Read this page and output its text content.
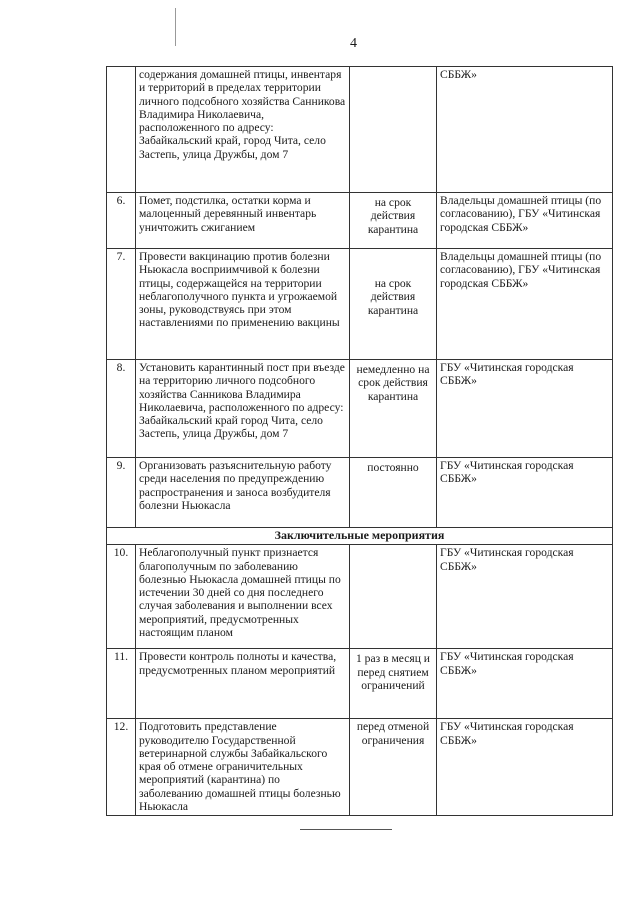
4
	содержания домашней птицы, инвентаря и территорий в пределах территории личного подсобного хозяйства Санникова Владимира Николаевича, расположенного по адресу: Забайкальский край, город Чита, село Застепь, улица Дружбы, дом 7		СББЖ»
6.	Помет, подстилка, остатки корма и малоценный деревянный инвентарь уничтожить сжиганием	на срок действия карантина	Владельцы домашней птицы (по согласованию), ГБУ «Читинская городская СББЖ»
7.	Провести вакцинацию против болезни Ньюкасла восприимчивой к болезни птицы, содержащейся на территории неблагополучного пункта и угрожаемой зоны, руководствуясь при этом наставлениями по применению вакцины	на срок действия карантина	Владельцы домашней птицы (по согласованию), ГБУ «Читинская городская СББЖ»
8.	Установить карантинный пост при въезде на территорию личного подсобного хозяйства Санникова Владимира Николаевича, расположенного по адресу: Забайкальский край город Чита, село Застепь, улица Дружбы, дом 7	немедленно на срок действия карантина	ГБУ «Читинская городская СББЖ»
9.	Организовать разъяснительную работу среди населения по предупреждению распространения и заноса возбудителя болезни Ньюкасла	постоянно	ГБУ «Читинская городская СББЖ»
Заключительные мероприятия			
10.	Неблагополучный пункт признается благополучным по заболеванию болезнью Ньюкасла домашней птицы по истечении 30 дней со дня последнего случая заболевания и выполнении всех мероприятий, предусмотренных настоящим планом		ГБУ «Читинская городская СББЖ»
11.	Провести контроль полноты и качества, предусмотренных планом мероприятий	1 раз в месяц и перед снятием ограничений	ГБУ «Читинская городская СББЖ»
12.	Подготовить представление руководителю Государственной ветеринарной службы Забайкальского края об отмене ограничительных мероприятий (карантина) по заболеванию домашней птицы болезнью Ньюкасла	перед отменой ограничения	ГБУ «Читинская городская СББЖ»
